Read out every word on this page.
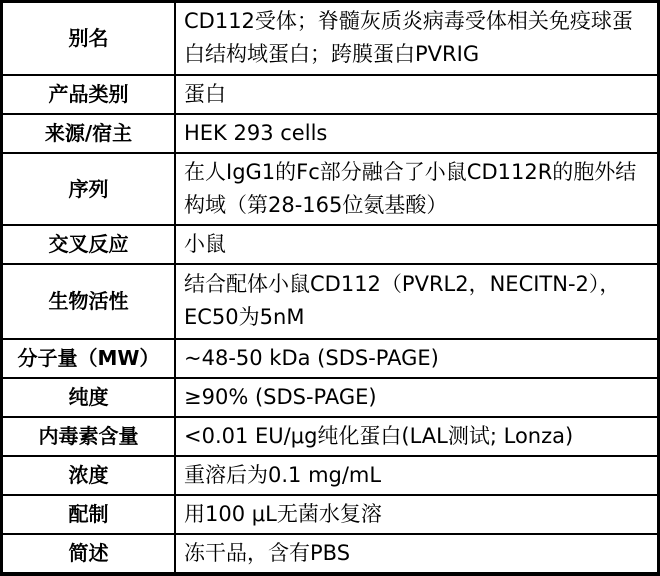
别名	CD112受体；脊髓灰质炎病毒受体相关免疫球蛋白结构域蛋白；跨膜蛋白PVRIG
产品类别	蛋白
来源/宿主	HEK 293 cells
序列	在人IgG1的Fc部分融合了小鼠CD112R的胞外结构域（第28-165位氨基酸）
交叉反应	小鼠
生物活性	结合配体小鼠CD112（PVRL2，NECITN-2），EC50为5nM
分子量（MW）	~48-50 kDa (SDS-PAGE)
纯度	≥90% (SDS-PAGE)
内毒素含量	<0.01 EU/μg纯化蛋白(LAL测试; Lonza)
浓度	重溶后为0.1 mg/mL
配制	用100 μL无菌水复溶
简述	冻干品，含有PBS
